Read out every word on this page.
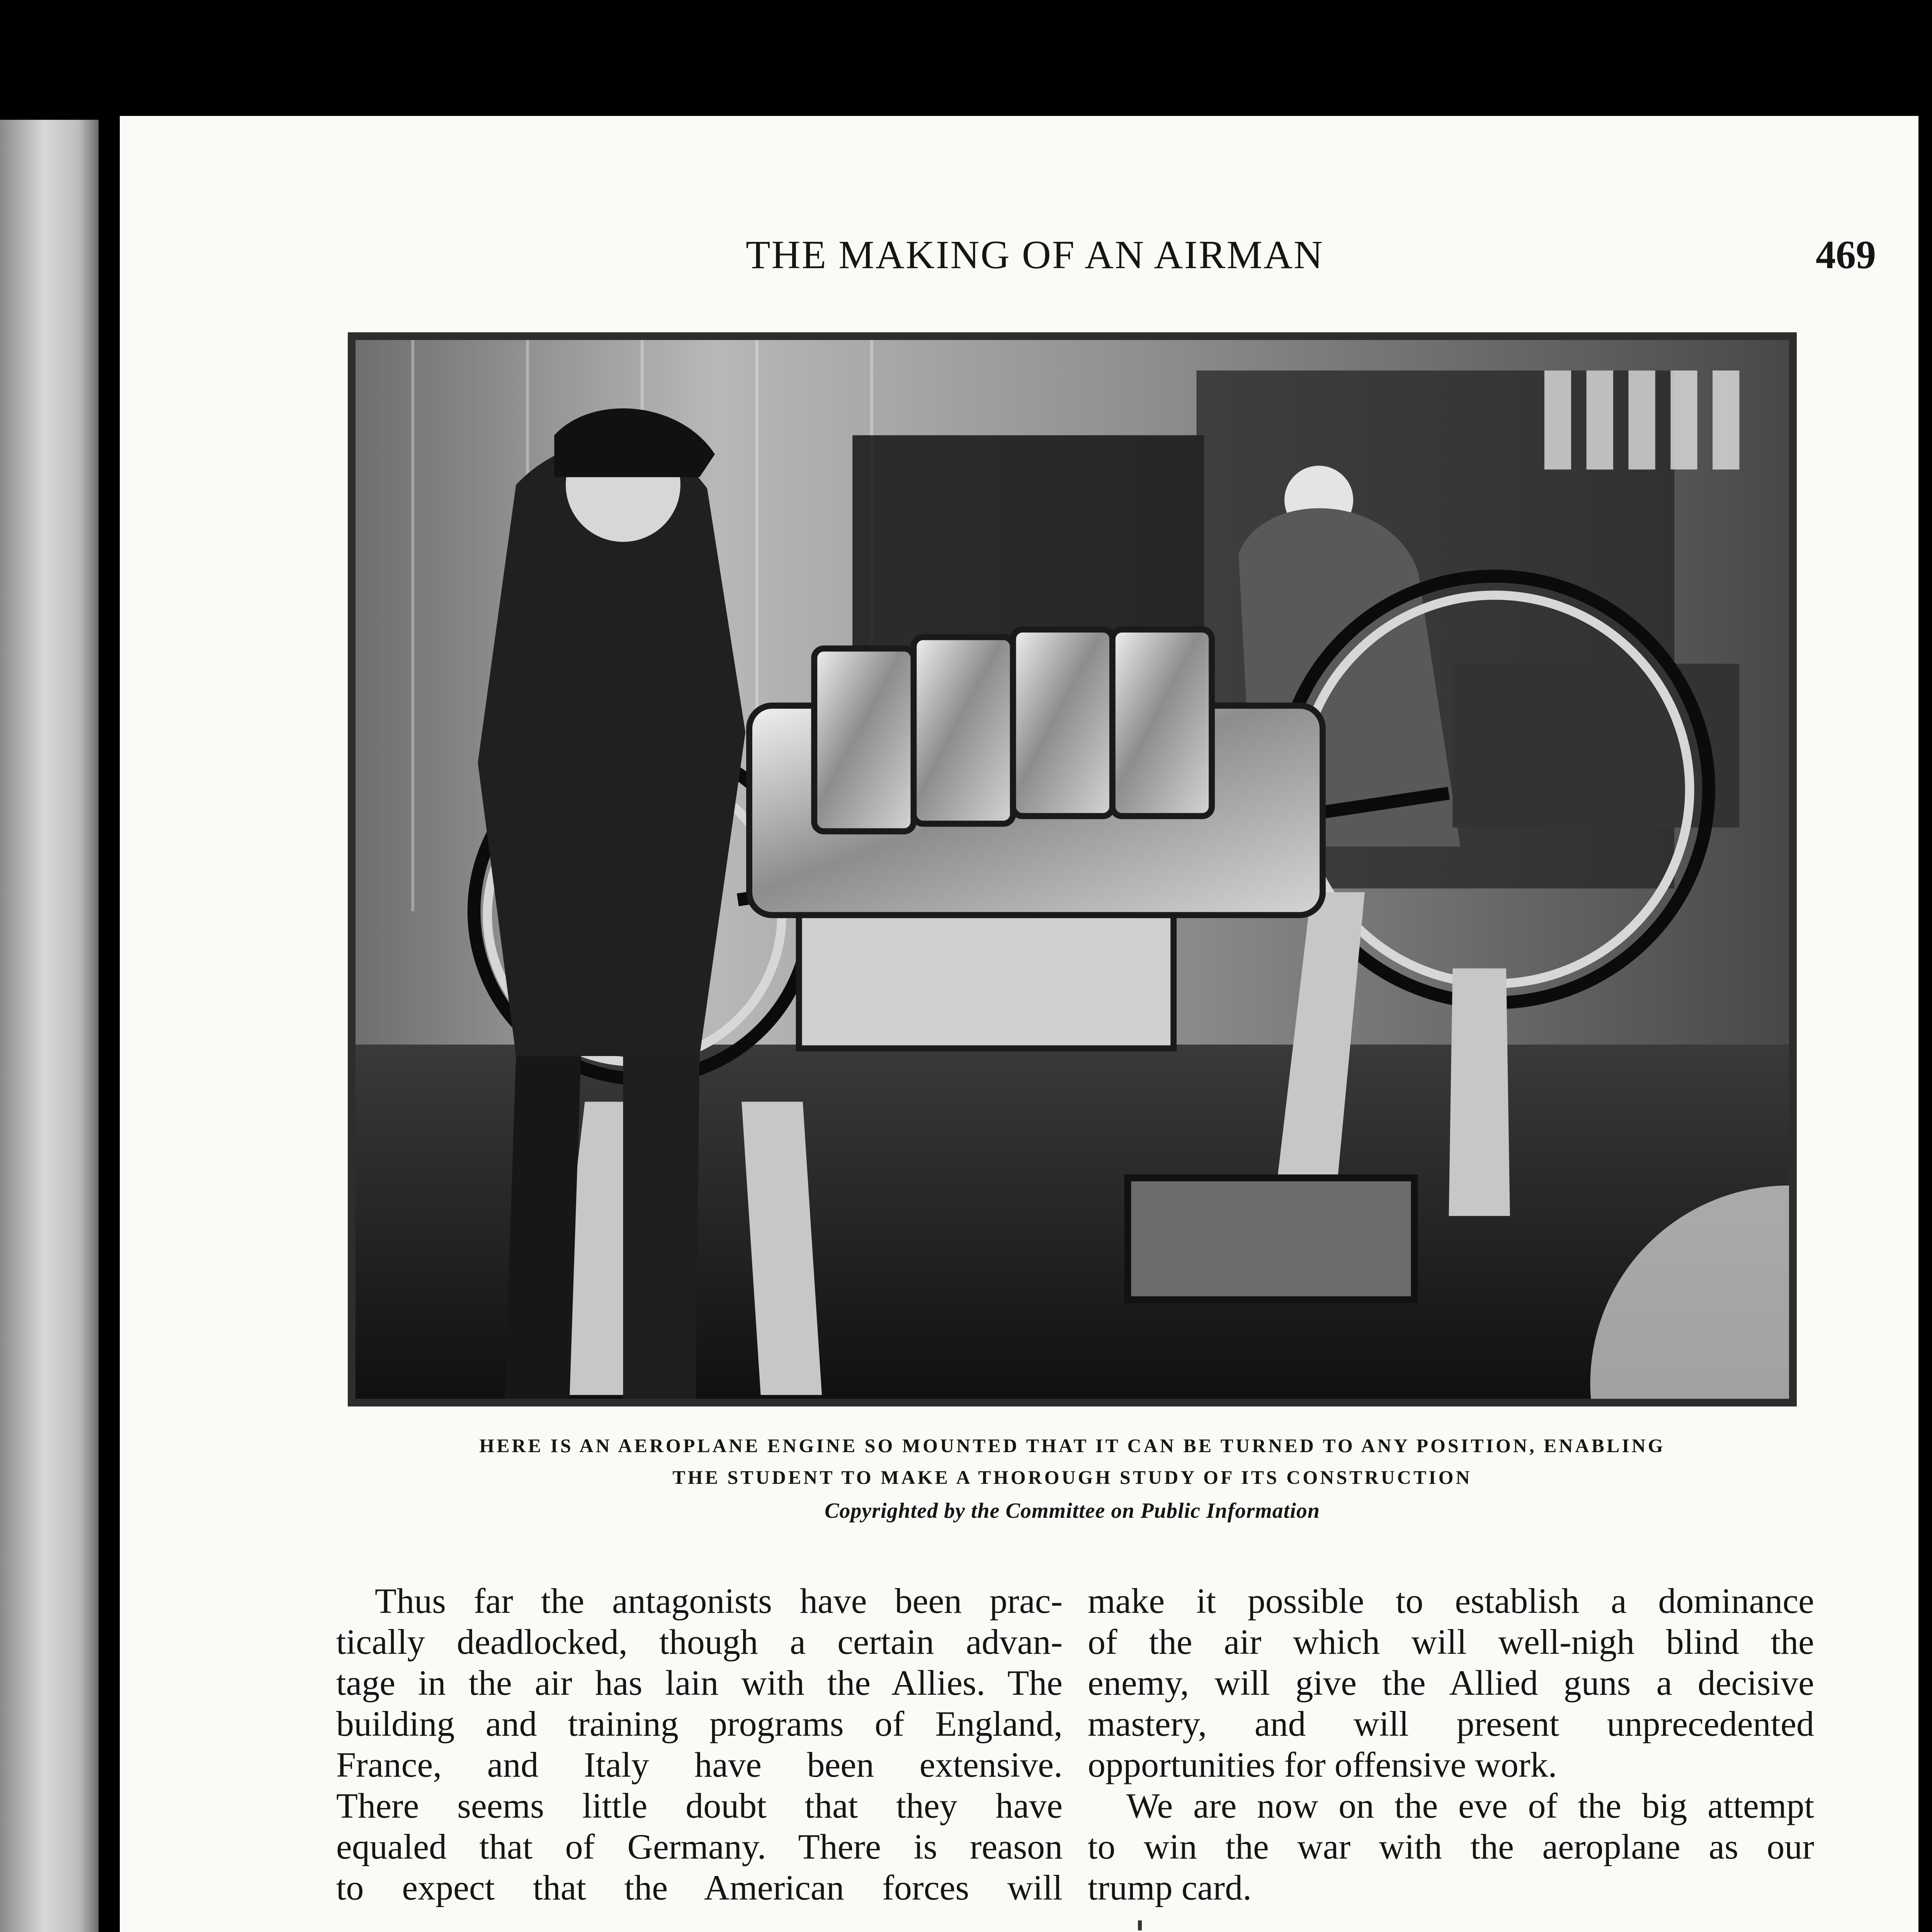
THE MAKING OF AN AIRMAN	469
HERE IS AN AEROPLANE ENGINE SO MOUNTED THAT IT CAN BE TURNED TO ANY POSITION, ENABLING
THE STUDENT TO MAKE A THOROUGH STUDY OF ITS CONSTRUCTION
Copyrighted by the Committee on Public Information
Thus far the antagonists have been prac-
tically deadlocked, though a certain advan-
tage in the air has lain with the Allies. The
building and training programs of England,
France, and Italy have been extensive.
There seems little doubt that they have
equaled that of Germany. There is reason
to expect that the American forces will
make it possible to establish a dominance
of the air which will well-nigh blind the
enemy, will give the Allied guns a decisive
mastery, and will present unprecedented
opportunities for offensive work.
We are now on the eve of the big attempt
to win the war with the aeroplane as our
trump card.
